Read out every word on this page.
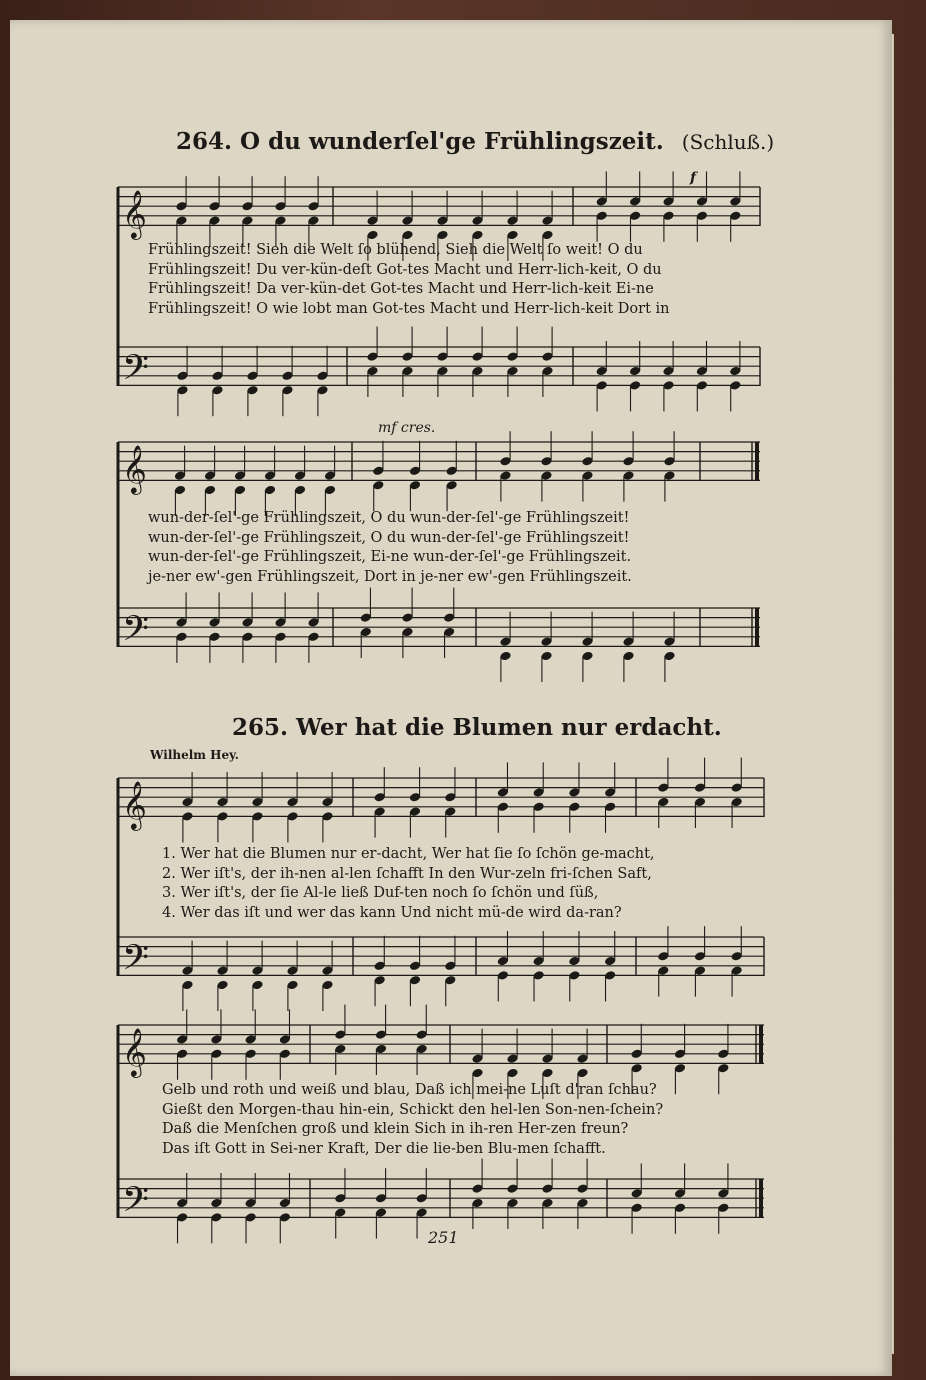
264. O du wunderſel'ge Frühlingszeit. (Schluß.)
𝄞
𝄢
𝄞
𝄢
𝄞
𝄢
𝄞
𝄢
f
mf cres.
Frühlingszeit! Sieh die Welt ſo blühend, Sieh die Welt ſo weit! O du
Frühlingszeit! Du ver-kün-deſt Got-tes Macht und Herr-lich-keit, O du
Frühlingszeit! Da ver-kün-det Got-tes Macht und Herr-lich-keit Ei-ne
Frühlingszeit! O wie lobt man Got-tes Macht und Herr-lich-keit Dort in
wun-der-ſel'-ge Frühlingszeit, O du wun-der-ſel'-ge Frühlingszeit!
wun-der-ſel'-ge Frühlingszeit, O du wun-der-ſel'-ge Frühlingszeit!
wun-der-ſel'-ge Frühlingszeit, Ei-ne wun-der-ſel'-ge Frühlingszeit.
je-ner ew'-gen Frühlingszeit, Dort in je-ner ew'-gen Frühlingszeit.
265. Wer hat die Blumen nur erdacht.
Wilhelm Hey.
1. Wer hat die Blumen nur er-dacht, Wer hat ſie ſo ſchön ge-macht,
2. Wer iſt's, der ih-nen al-len ſchafft In den Wur-zeln fri-ſchen Saft,
3. Wer iſt's, der ſie Al-le ließ Duf-ten noch ſo ſchön und ſüß,
4. Wer das iſt und wer das kann Und nicht mü-de wird da-ran?
Gelb und roth und weiß und blau, Daß ich mei-ne Luſt d'ran ſchau?
Gießt den Morgen-thau hin-ein, Schickt den hel-len Son-nen-ſchein?
Daß die Menſchen groß und klein Sich in ih-ren Her-zen freun?
Das iſt Gott in Sei-ner Kraft, Der die lie-ben Blu-men ſchafft.
251
